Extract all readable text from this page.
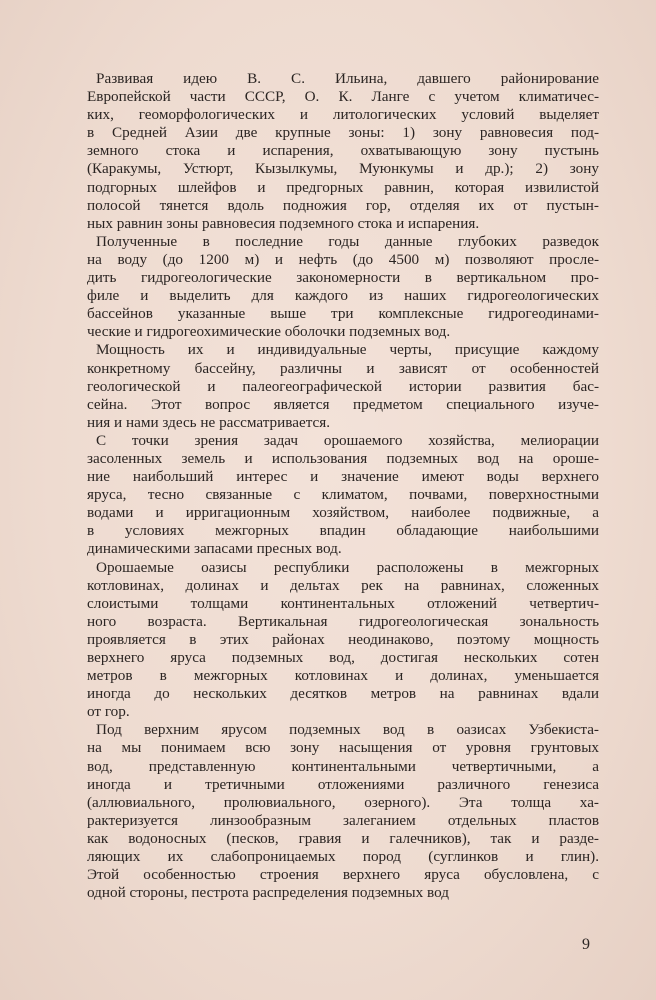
Развивая идею В. С. Ильина, давшего районирование
Европейской части СССР, О. К. Ланге с учетом климатичес-
ких, геоморфологических и литологических условий выделяет
в Средней Азии две крупные зоны: 1) зону равновесия под-
земного стока и испарения, охватывающую зону пустынь
(Каракумы, Устюрт, Кызылкумы, Муюнкумы и др.); 2) зону
подгорных шлейфов и предгорных равнин, которая извилистой
полосой тянется вдоль подножия гор, отделяя их от пустын-
ных равнин зоны равновесия подземного стока и испарения.
Полученные в последние годы данные глубоких разведок
на воду (до 1200 м) и нефть (до 4500 м) позволяют просле-
дить гидрогеологические закономерности в вертикальном про-
филе и выделить для каждого из наших гидрогеологических
бассейнов указанные выше три комплексные гидрогеодинами-
ческие и гидрогеохимические оболочки подземных вод.
Мощность их и индивидуальные черты, присущие каждому
конкретному бассейну, различны и зависят от особенностей
геологической и палеогеографической истории развития бас-
сейна. Этот вопрос является предметом специального изуче-
ния и нами здесь не рассматривается.
С точки зрения задач орошаемого хозяйства, мелиорации
засоленных земель и использования подземных вод на ороше-
ние наибольший интерес и значение имеют воды верхнего
яруса, тесно связанные с климатом, почвами, поверхностными
водами и ирригационным хозяйством, наиболее подвижные, а
в условиях межгорных впадин обладающие наибольшими
динамическими запасами пресных вод.
Орошаемые оазисы республики расположены в межгорных
котловинах, долинах и дельтах рек на равнинах, сложенных
слоистыми толщами континентальных отложений четвертич-
ного возраста. Вертикальная гидрогеологическая зональность
проявляется в этих районах неодинаково, поэтому мощность
верхнего яруса подземных вод, достигая нескольких сотен
метров в межгорных котловинах и долинах, уменьшается
иногда до нескольких десятков метров на равнинах вдали
от гор.
Под верхним ярусом подземных вод в оазисах Узбекиста-
на мы понимаем всю зону насыщения от уровня грунтовых
вод, представленную континентальными четвертичными, а
иногда и третичными отложениями различного генезиса
(аллювиального, пролювиального, озерного). Эта толща ха-
рактеризуется линзообразным залеганием отдельных пластов
как водоносных (песков, гравия и галечников), так и разде-
ляющих их слабопроницаемых пород (суглинков и глин).
Этой особенностью строения верхнего яруса обусловлена, с
одной стороны, пестрота распределения подземных вод
9
